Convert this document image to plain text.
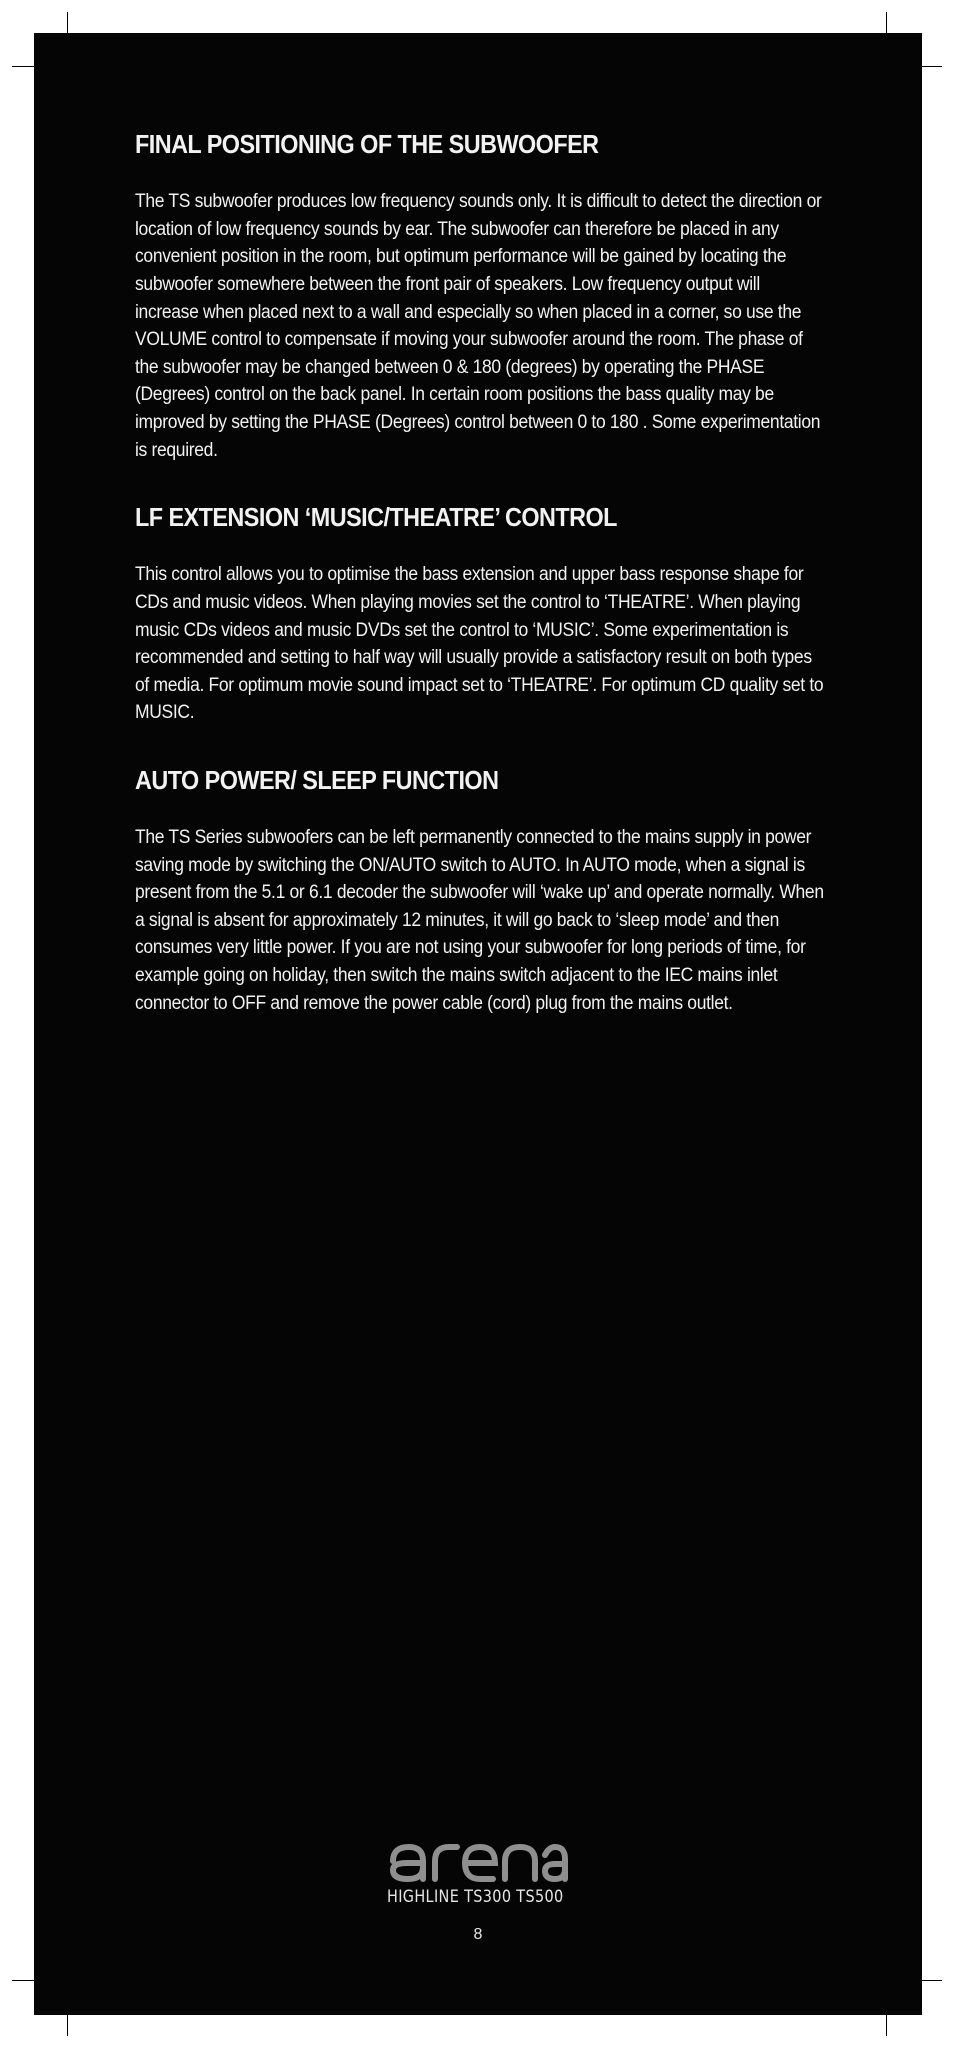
FINAL POSITIONING OF THE SUBWOOFER

The TS subwoofer produces low frequency sounds only. It is difficult to detect the direction or location of low frequency sounds by ear. The subwoofer can therefore be placed in any convenient position in the room, but optimum performance will be gained by locating the subwoofer somewhere between the front pair of speakers. Low frequency output will increase when placed next to a wall and especially so when placed in a corner, so use the VOLUME control to compensate if moving your subwoofer around the room. The phase of the subwoofer may be changed between 0 & 180 (degrees) by operating the PHASE (Degrees) control on the back panel. In certain room positions the bass quality may be improved by setting the PHASE (Degrees) control between 0 to 180 . Some experimentation is required.

LF EXTENSION ‘MUSIC/THEATRE’ CONTROL

This control allows you to optimise the bass extension and upper bass response shape for CDs and music videos. When playing movies set the control to ‘THEATRE’. When playing music CDs videos and music DVDs set the control to ‘MUSIC’. Some experimentation is recommended and setting to half way will usually provide a satisfactory result on both types of media. For optimum movie sound impact set to ‘THEATRE’. For optimum CD quality set to MUSIC.

AUTO POWER/ SLEEP FUNCTION

The TS Series subwoofers can be left permanently connected to the mains supply in power saving mode by switching the ON/AUTO switch to AUTO. In AUTO mode, when a signal is present from the 5.1 or 6.1 decoder the subwoofer will ‘wake up’ and operate normally. When a signal is absent for approximately 12 minutes, it will go back to ‘sleep mode’ and then consumes very little power. If you are not using your subwoofer for long periods of time, for example going on holiday, then switch the mains switch adjacent to the IEC mains inlet connector to OFF and remove the power cable (cord) plug from the mains outlet.

HIGHLINE TS300 TS500
8
